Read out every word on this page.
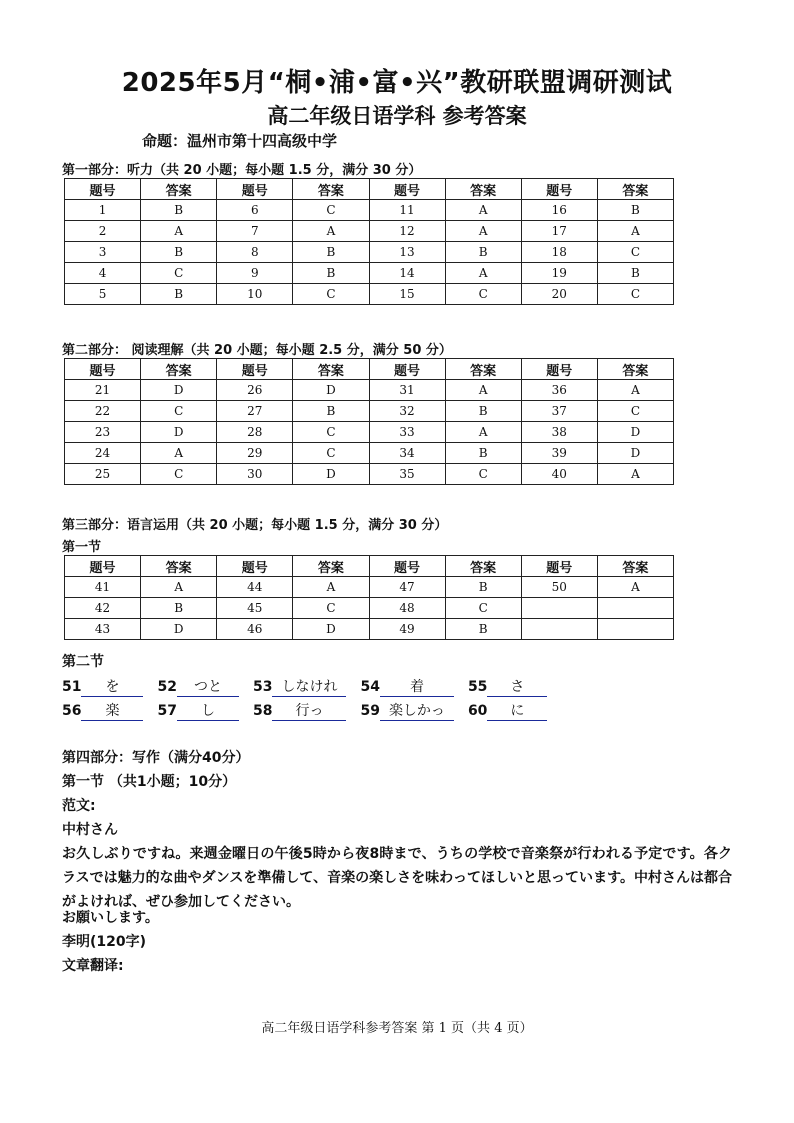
2025年5月“桐•浦•富•兴”教研联盟调研测试
高二年级日语学科 参考答案
命题：温州市第十四高级中学
第一部分：听力（共 20 小题；每小题 1.5 分，满分 30 分）
题号	答案	题号	答案	题号	答案	题号	答案
1	B	6	C	11	A	16	B
2	A	7	A	12	A	17	A
3	B	8	B	13	B	18	C
4	C	9	B	14	A	19	B
5	B	10	C	15	C	20	C
第二部分： 阅读理解（共 20 小题；每小题 2.5 分，满分 50 分）
题号	答案	题号	答案	题号	答案	题号	答案
21	D	26	D	31	A	36	A
22	C	27	B	32	B	37	C
23	D	28	C	33	A	38	D
24	A	29	C	34	B	39	D
25	C	30	D	35	C	40	A
第三部分：语言运用（共 20 小题；每小题 1.5 分，满分 30 分）
第一节
题号	答案	题号	答案	题号	答案	题号	答案
41	A	44	A	47	B	50	A
42	B	45	C	48	C		
43	D	46	D	49	B		
第二节
51 を	52 つと 53 しなけれ 54 着	55 さ
56 楽	57 し	58 行っ	59 楽しかっ 60 に
第四部分：写作（满分40分）
第一节 （共1小题；10分）
范文:
中村さん
お久しぶりですね。来週金曜日の午後5時から夜8時まで、うちの学校で音楽祭が行われる予定です。各クラスでは魅力的な曲やダンスを準備して、音楽の楽しさを味わってほしいと思っています。中村さんは都合がよければ、ぜひ参加してください。
お願いします。
李明(120字)
文章翻译:
高二年级日语学科参考答案 第 1 页（共 4 页）
